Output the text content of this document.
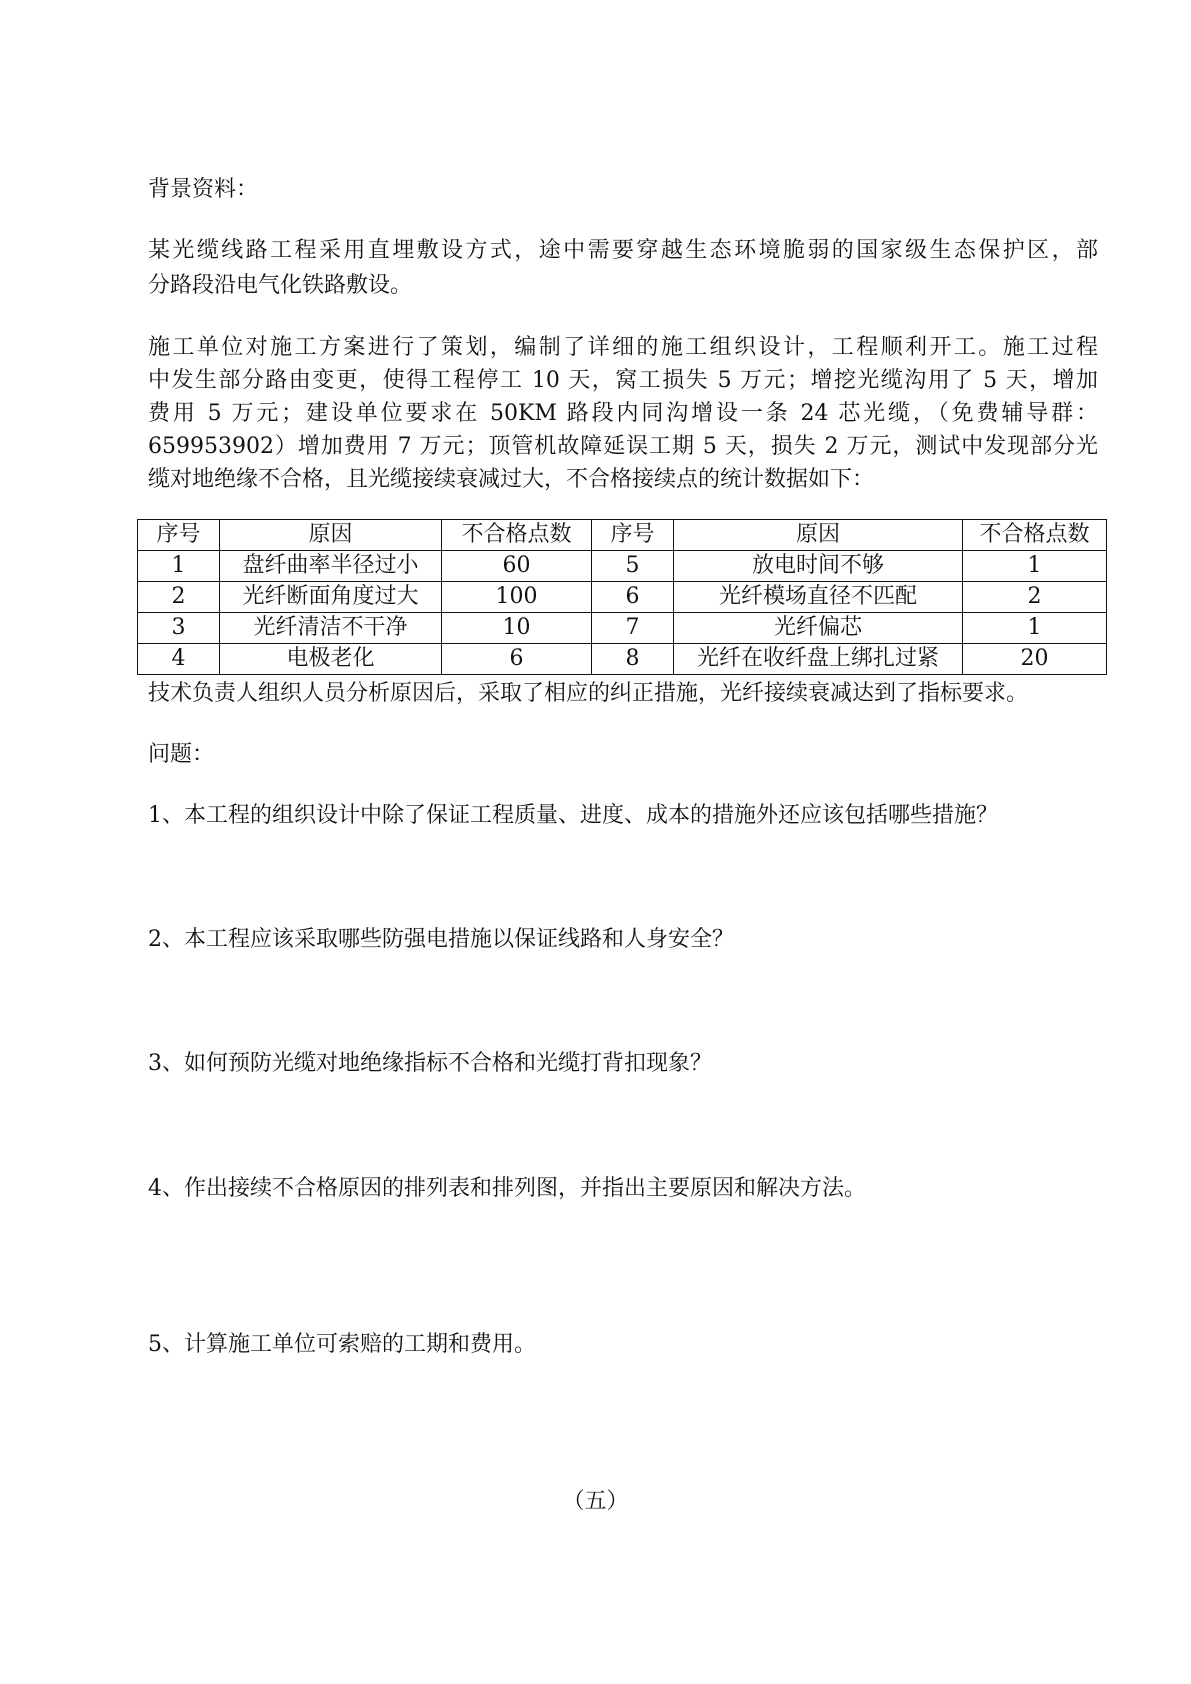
背景资料：
某光缆线路工程采用直埋敷设方式，途中需要穿越生态环境脆弱的国家级生态保护区，部
分路段沿电气化铁路敷设。
施工单位对施工方案进行了策划，编制了详细的施工组织设计，工程顺利开工。施工过程
中发生部分路由变更，使得工程停工 10 天，窝工损失 5 万元；增挖光缆沟用了 5 天，增加
费用 5 万元；建设单位要求在 50KM 路段内同沟增设一条 24 芯光缆，（免费辅导群：
659953902）增加费用 7 万元；顶管机故障延误工期 5 天，损失 2 万元，测试中发现部分光
缆对地绝缘不合格，且光缆接续衰减过大，不合格接续点的统计数据如下：
序号	原因	不合格点数	序号	原因	不合格点数
1	盘纤曲率半径过小	60	5	放电时间不够	1
2	光纤断面角度过大	100	6	光纤模场直径不匹配	2
3	光纤清洁不干净	10	7	光纤偏芯	1
4	电极老化	6	8	光纤在收纤盘上绑扎过紧	20
技术负责人组织人员分析原因后，采取了相应的纠正措施，光纤接续衰减达到了指标要求。
问题：
1、本工程的组织设计中除了保证工程质量、进度、成本的措施外还应该包括哪些措施？
2、本工程应该采取哪些防强电措施以保证线路和人身安全？
3、如何预防光缆对地绝缘指标不合格和光缆打背扣现象？
4、作出接续不合格原因的排列表和排列图，并指出主要原因和解决方法。
5、计算施工单位可索赔的工期和费用。
（五）
